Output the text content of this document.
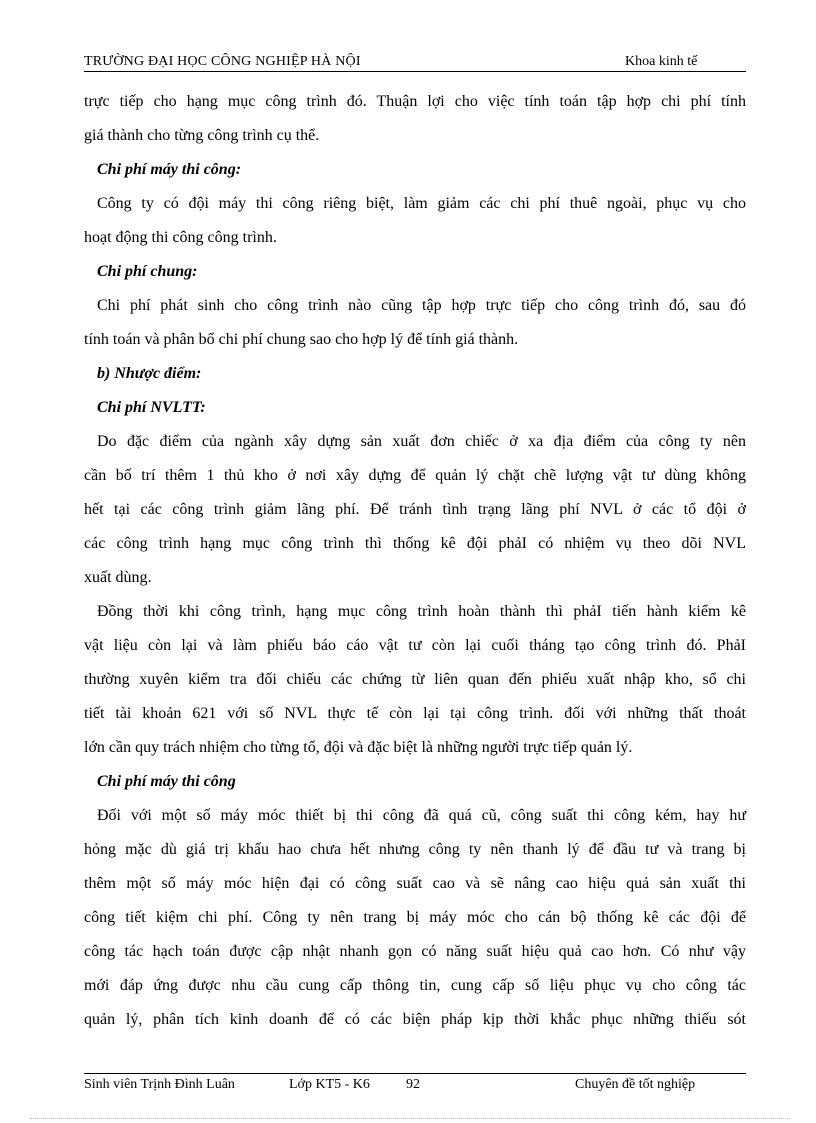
TRƯỜNG ĐẠI HỌC CÔNG NGHIỆP HÀ NỘI	Khoa kinh tế
trực tiếp cho hạng mục công trình đó. Thuận lợi cho việc tính toán tập hợp chi phí tính
giá thành cho từng công trình cụ thể.
Chi phí máy thi công:
Công ty có đội máy thi công riêng biệt, làm giảm các chi phí thuê ngoài, phục vụ cho
hoạt động thi công công trình.
Chi phí chung:
Chi phí phát sinh cho công trình nào cũng tập hợp trực tiếp cho công trình đó, sau đó
tính toán và phân bổ chi phí chung sao cho hợp lý để tính giá thành.
b) Nhược điểm:
Chi phí NVLTT:
Do đặc điểm của ngành xây dựng sản xuất đơn chiếc ở xa địa điểm của công ty nên
cần bố trí thêm 1 thủ kho ở nơi xây dựng để quản lý chặt chẽ lượng vật tư dùng không
hết tại các công trình giảm lãng phí. Để tránh tình trạng lãng phí NVL ở các tổ đội ở
các công trình hạng mục công trình thì thống kê đội phảI có nhiệm vụ theo dõi NVL
xuất dùng.
Đồng thời khi công trình, hạng mục công trình hoàn thành thì phảI tiến hành kiểm kê
vật liệu còn lại và làm phiếu báo cáo vật tư còn lại cuối tháng tạo công trình đó. PhảI
thường xuyên kiểm tra đối chiếu các chứng từ liên quan đến phiếu xuất nhập kho, sổ chi
tiết tài khoản 621 với số NVL thực tế còn lại tại công trình. đối với những thất thoát
lớn cần quy trách nhiệm cho từng tổ, đội và đặc biệt là những người trực tiếp quản lý.
Chi phí máy thi công
Đối với một số máy móc thiết bị thi công đã quá cũ, công suất thi công kém, hay hư
hỏng mặc dù giá trị khấu hao chưa hết nhưng công ty nên thanh lý để đầu tư và trang bị
thêm một số máy móc hiện đại có công suất cao và sẽ nâng cao hiệu quả sản xuất thi
công tiết kiệm chi phí. Công ty nên trang bị máy móc cho cán bộ thống kê các đội để
công tác hạch toán được cập nhật nhanh gọn có năng suất hiệu quả cao hơn. Có như vậy
mới đáp ứng được nhu cầu cung cấp thông tin, cung cấp số liệu phục vụ cho công tác
quản lý, phân tích kinh doanh để có các biện pháp kịp thời khắc phục những thiếu sót
Sinh viên Trịnh Đình Luân	Lớp KT5 - K6	92	Chuyên đề tốt nghiệp
